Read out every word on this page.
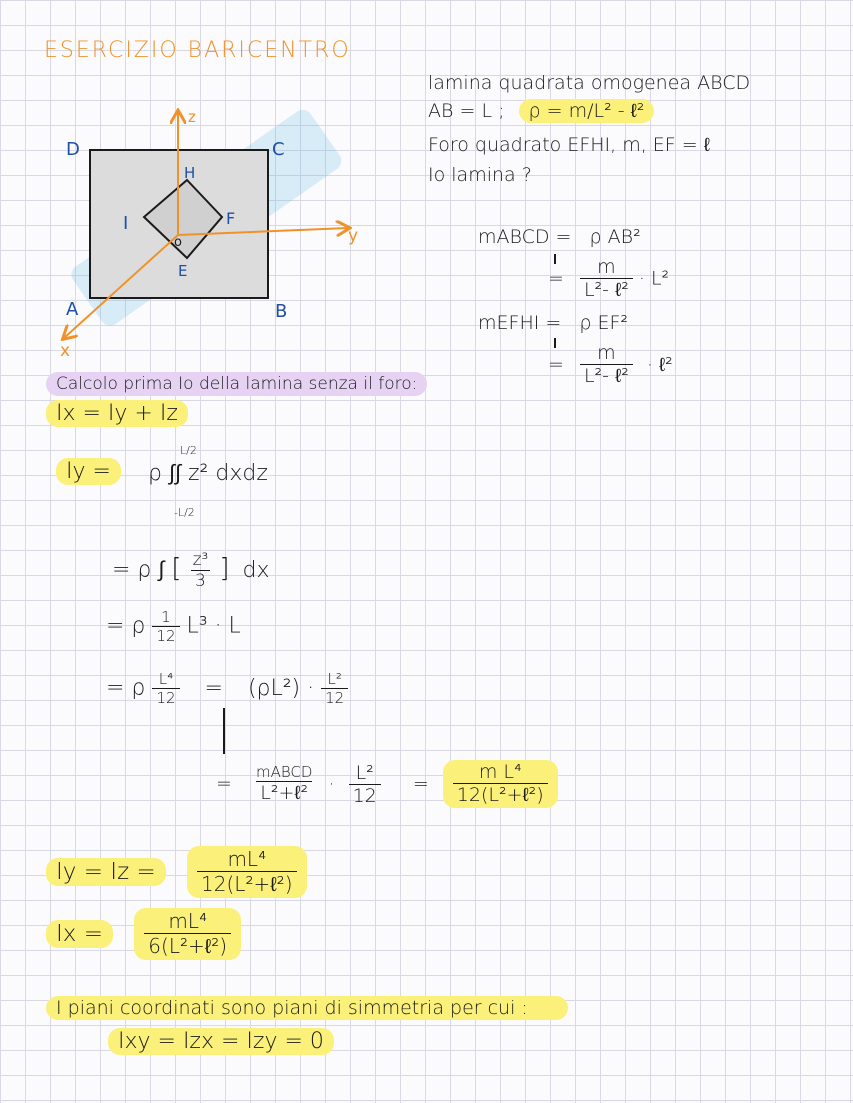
ESERCIZIO BARICENTRO
D	C
A	B
H
F
I
E
o
z
y
x
lamina quadrata omogenea ABCD
AB = L ; ρ = m/L² - ℓ²
Foro quadrato EFHI, m, EF = ℓ
Io lamina ?
mABCD = ρ AB²
= $\frac{m}{\text{L²- ℓ²}} \cdot L^2$
mEFHI = ρ EF²
= $\frac{m}{\text{L²- ℓ²}}$ · ℓ²
Calcolo prima Io della lamina senza il foro:
Ix = Iy + Iz
Iy =	ρ ∫∫ z² dxdz
L/2
-L/2
= ρ ∫ [ $\frac{\text{z³}}{3}$ ] dx
= ρ $\frac{1}{12} L^3 \cdot L$
= ρ $\frac{\text{L⁴}}{12} = (\rho L^2) \cdot \frac{\text{L²}}{12}$
= $\frac{\text{mABCD}}{\text{L²+ℓ²}} \cdot \frac{\text{L²}}{12} = \frac{\text{m L⁴}}{\text{12(L²+ℓ²)}}$
$Iy = Iz = \frac{\text{mL⁴}}{\text{12(L²+ℓ²)}}$
$Ix = \frac{\text{mL⁴}}{\text{6(L²+ℓ²)}}$
I piani coordinati sono piani di simmetria per cui :
Ixy = Izx = Izy = 0
